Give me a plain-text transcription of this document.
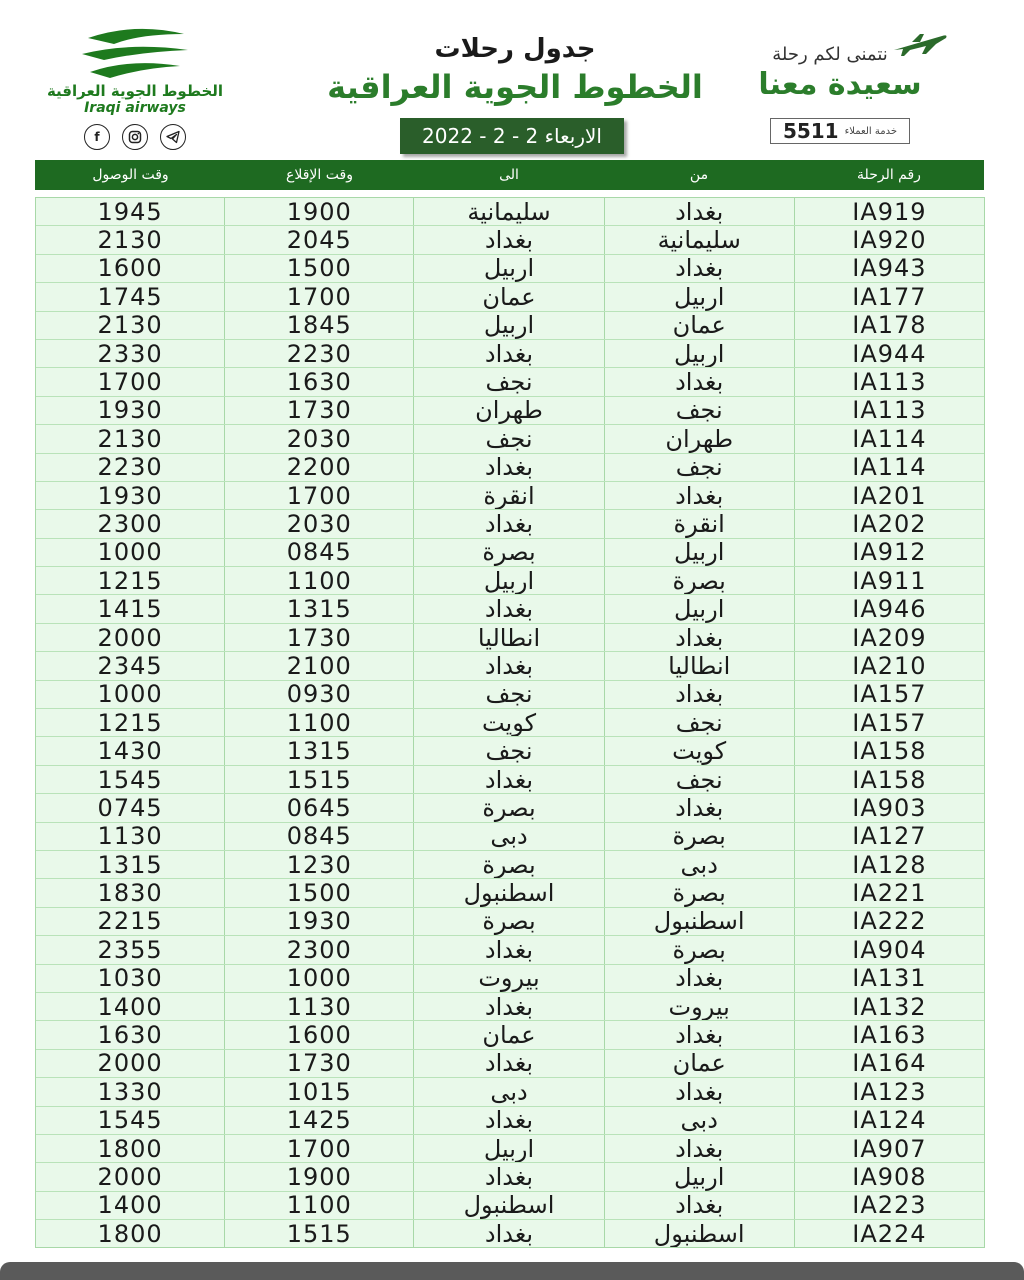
الخطوط الجوية العراقية
Iraqi airways
f
جدول رحلات
الخطوط الجوية العراقية
الاربعاء 2 - 2 - 2022
نتمنى لكم رحلة
سعيدة معنا
5511 خدمة العملاء
رقم الرحلة
من
الى
وقت الإقلاع
وقت الوصول
IA919
بغداد
سليمانية
1900
1945
IA920
سليمانية
بغداد
2045
2130
IA943
بغداد
اربيل
1500
1600
IA177
اربيل
عمان
1700
1745
IA178
عمان
اربيل
1845
2130
IA944
اربيل
بغداد
2230
2330
IA113
بغداد
نجف
1630
1700
IA113
نجف
طهران
1730
1930
IA114
طهران
نجف
2030
2130
IA114
نجف
بغداد
2200
2230
IA201
بغداد
انقرة
1700
1930
IA202
انقرة
بغداد
2030
2300
IA912
اربيل
بصرة
0845
1000
IA911
بصرة
اربيل
1100
1215
IA946
اربيل
بغداد
1315
1415
IA209
بغداد
انطاليا
1730
2000
IA210
انطاليا
بغداد
2100
2345
IA157
بغداد
نجف
0930
1000
IA157
نجف
كويت
1100
1215
IA158
كويت
نجف
1315
1430
IA158
نجف
بغداد
1515
1545
IA903
بغداد
بصرة
0645
0745
IA127
بصرة
دبى
0845
1130
IA128
دبى
بصرة
1230
1315
IA221
بصرة
اسطنبول
1500
1830
IA222
اسطنبول
بصرة
1930
2215
IA904
بصرة
بغداد
2300
2355
IA131
بغداد
بيروت
1000
1030
IA132
بيروت
بغداد
1130
1400
IA163
بغداد
عمان
1600
1630
IA164
عمان
بغداد
1730
2000
IA123
بغداد
دبى
1015
1330
IA124
دبى
بغداد
1425
1545
IA907
بغداد
اربيل
1700
1800
IA908
اربيل
بغداد
1900
2000
IA223
بغداد
اسطنبول
1100
1400
IA224
اسطنبول
بغداد
1515
1800
